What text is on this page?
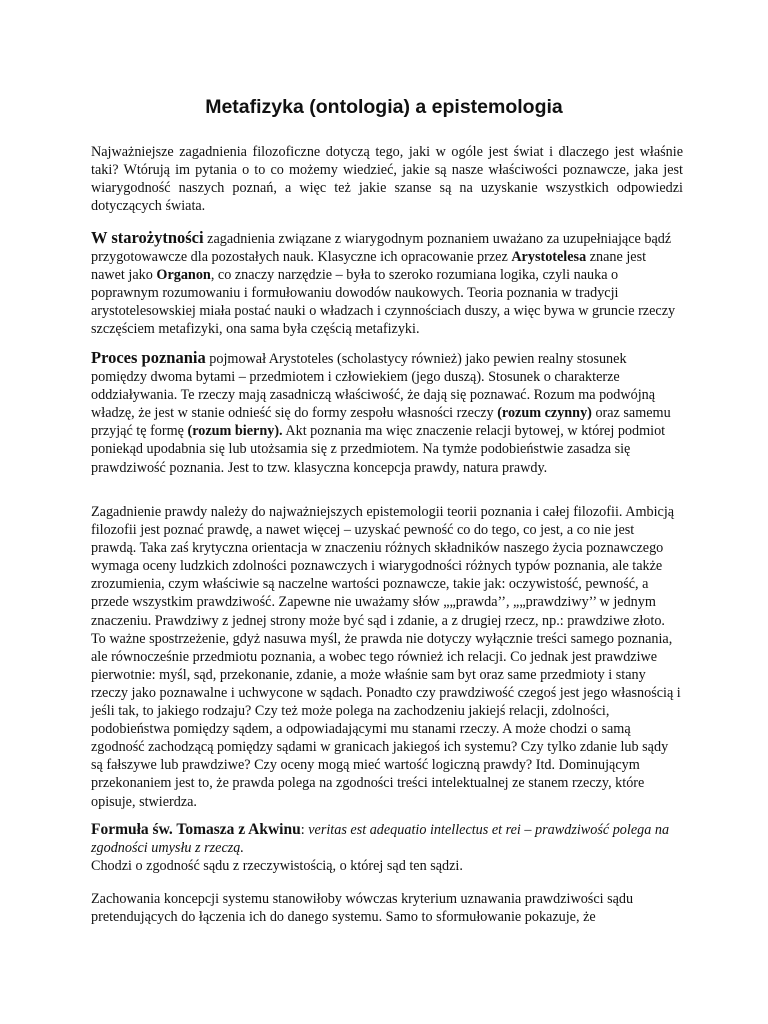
Metafizyka (ontologia) a epistemologia

Najważniejsze zagadnienia filozoficzne dotyczą tego, jaki w ogóle jest świat i dlaczego jest właśnie taki? Wtórują im pytania o to co możemy wiedzieć, jakie są nasze właściwości poznawcze, jaka jest wiarygodność naszych poznań, a więc też jakie szanse są na uzyskanie wszystkich odpowiedzi dotyczących świata.

W starożytności zagadnienia związane z wiarygodnym poznaniem uważano za uzupełniające bądź przygotowawcze dla pozostałych nauk. Klasyczne ich opracowanie przez Arystotelesa znane jest nawet jako Organon, co znaczy narzędzie – była to szeroko rozumiana logika, czyli nauka o poprawnym rozumowaniu i formułowaniu dowodów naukowych. Teoria poznania w tradycji arystotelesowskiej miała postać nauki o władzach i czynnościach duszy, a więc bywa w gruncie rzeczy szczęściem metafizyki, ona sama była częścią metafizyki.

Proces poznania pojmował Arystoteles (scholastycy również) jako pewien realny stosunek pomiędzy dwoma bytami – przedmiotem i człowiekiem (jego duszą). Stosunek o charakterze oddziaływania. Te rzeczy mają zasadniczą właściwość, że dają się poznawać. Rozum ma podwójną władzę, że jest w stanie odnieść się do formy zespołu własności rzeczy (rozum czynny) oraz samemu przyjąć tę formę (rozum bierny). Akt poznania ma więc znaczenie relacji bytowej, w której podmiot poniekąd upodabnia się lub utożsamia się z przedmiotem. Na tymże podobieństwie zasadza się prawdziwość poznania. Jest to tzw. klasyczna koncepcja prawdy, natura prawdy.

Zagadnienie prawdy należy do najważniejszych epistemologii teorii poznania i całej filozofii. Ambicją filozofii jest poznać prawdę, a nawet więcej – uzyskać pewność co do tego, co jest, a co nie jest prawdą. Taka zaś krytyczna orientacja w znaczeniu różnych składników naszego życia poznawczego wymaga oceny ludzkich zdolności poznawczych i wiarygodności różnych typów poznania, ale także zrozumienia, czym właściwie są naczelne wartości poznawcze, takie jak: oczywistość, pewność, a przede wszystkim prawdziwość. Zapewne nie uważamy słów „„prawda’’, „„prawdziwy’’ w jednym znaczeniu. Prawdziwy z jednej strony może być sąd i zdanie, a z drugiej rzecz, np.: prawdziwe złoto. To ważne spostrzeżenie, gdyż nasuwa myśl, że prawda nie dotyczy wyłącznie treści samego poznania, ale równocześnie przedmiotu poznania, a wobec tego również ich relacji. Co jednak jest prawdziwe pierwotnie: myśl, sąd, przekonanie, zdanie, a może właśnie sam byt oraz same przedmioty i stany rzeczy jako poznawalne i uchwycone w sądach. Ponadto czy prawdziwość czegoś jest jego własnością i jeśli tak, to jakiego rodzaju? Czy też może polega na zachodzeniu jakiejś relacji, zdolności, podobieństwa pomiędzy sądem, a odpowiadającymi mu stanami rzeczy. A może chodzi o samą zgodność zachodzącą pomiędzy sądami w granicach jakiegoś ich systemu? Czy tylko zdanie lub sądy są fałszywe lub prawdziwe? Czy oceny mogą mieć wartość logiczną prawdy? Itd. Dominującym przekonaniem jest to, że prawda polega na zgodności treści intelektualnej ze stanem rzeczy, które opisuje, stwierdza.

Formuła św. Tomasza z Akwinu: veritas est adequatio intellectus et rei – prawdziwość polega na zgodności umysłu z rzeczą.
Chodzi o zgodność sądu z rzeczywistością, o której sąd ten sądzi.

Zachowania koncepcji systemu stanowiłoby wówczas kryterium uznawania prawdziwości sądu pretendujących do łączenia ich do danego systemu. Samo to sformułowanie pokazuje, że
